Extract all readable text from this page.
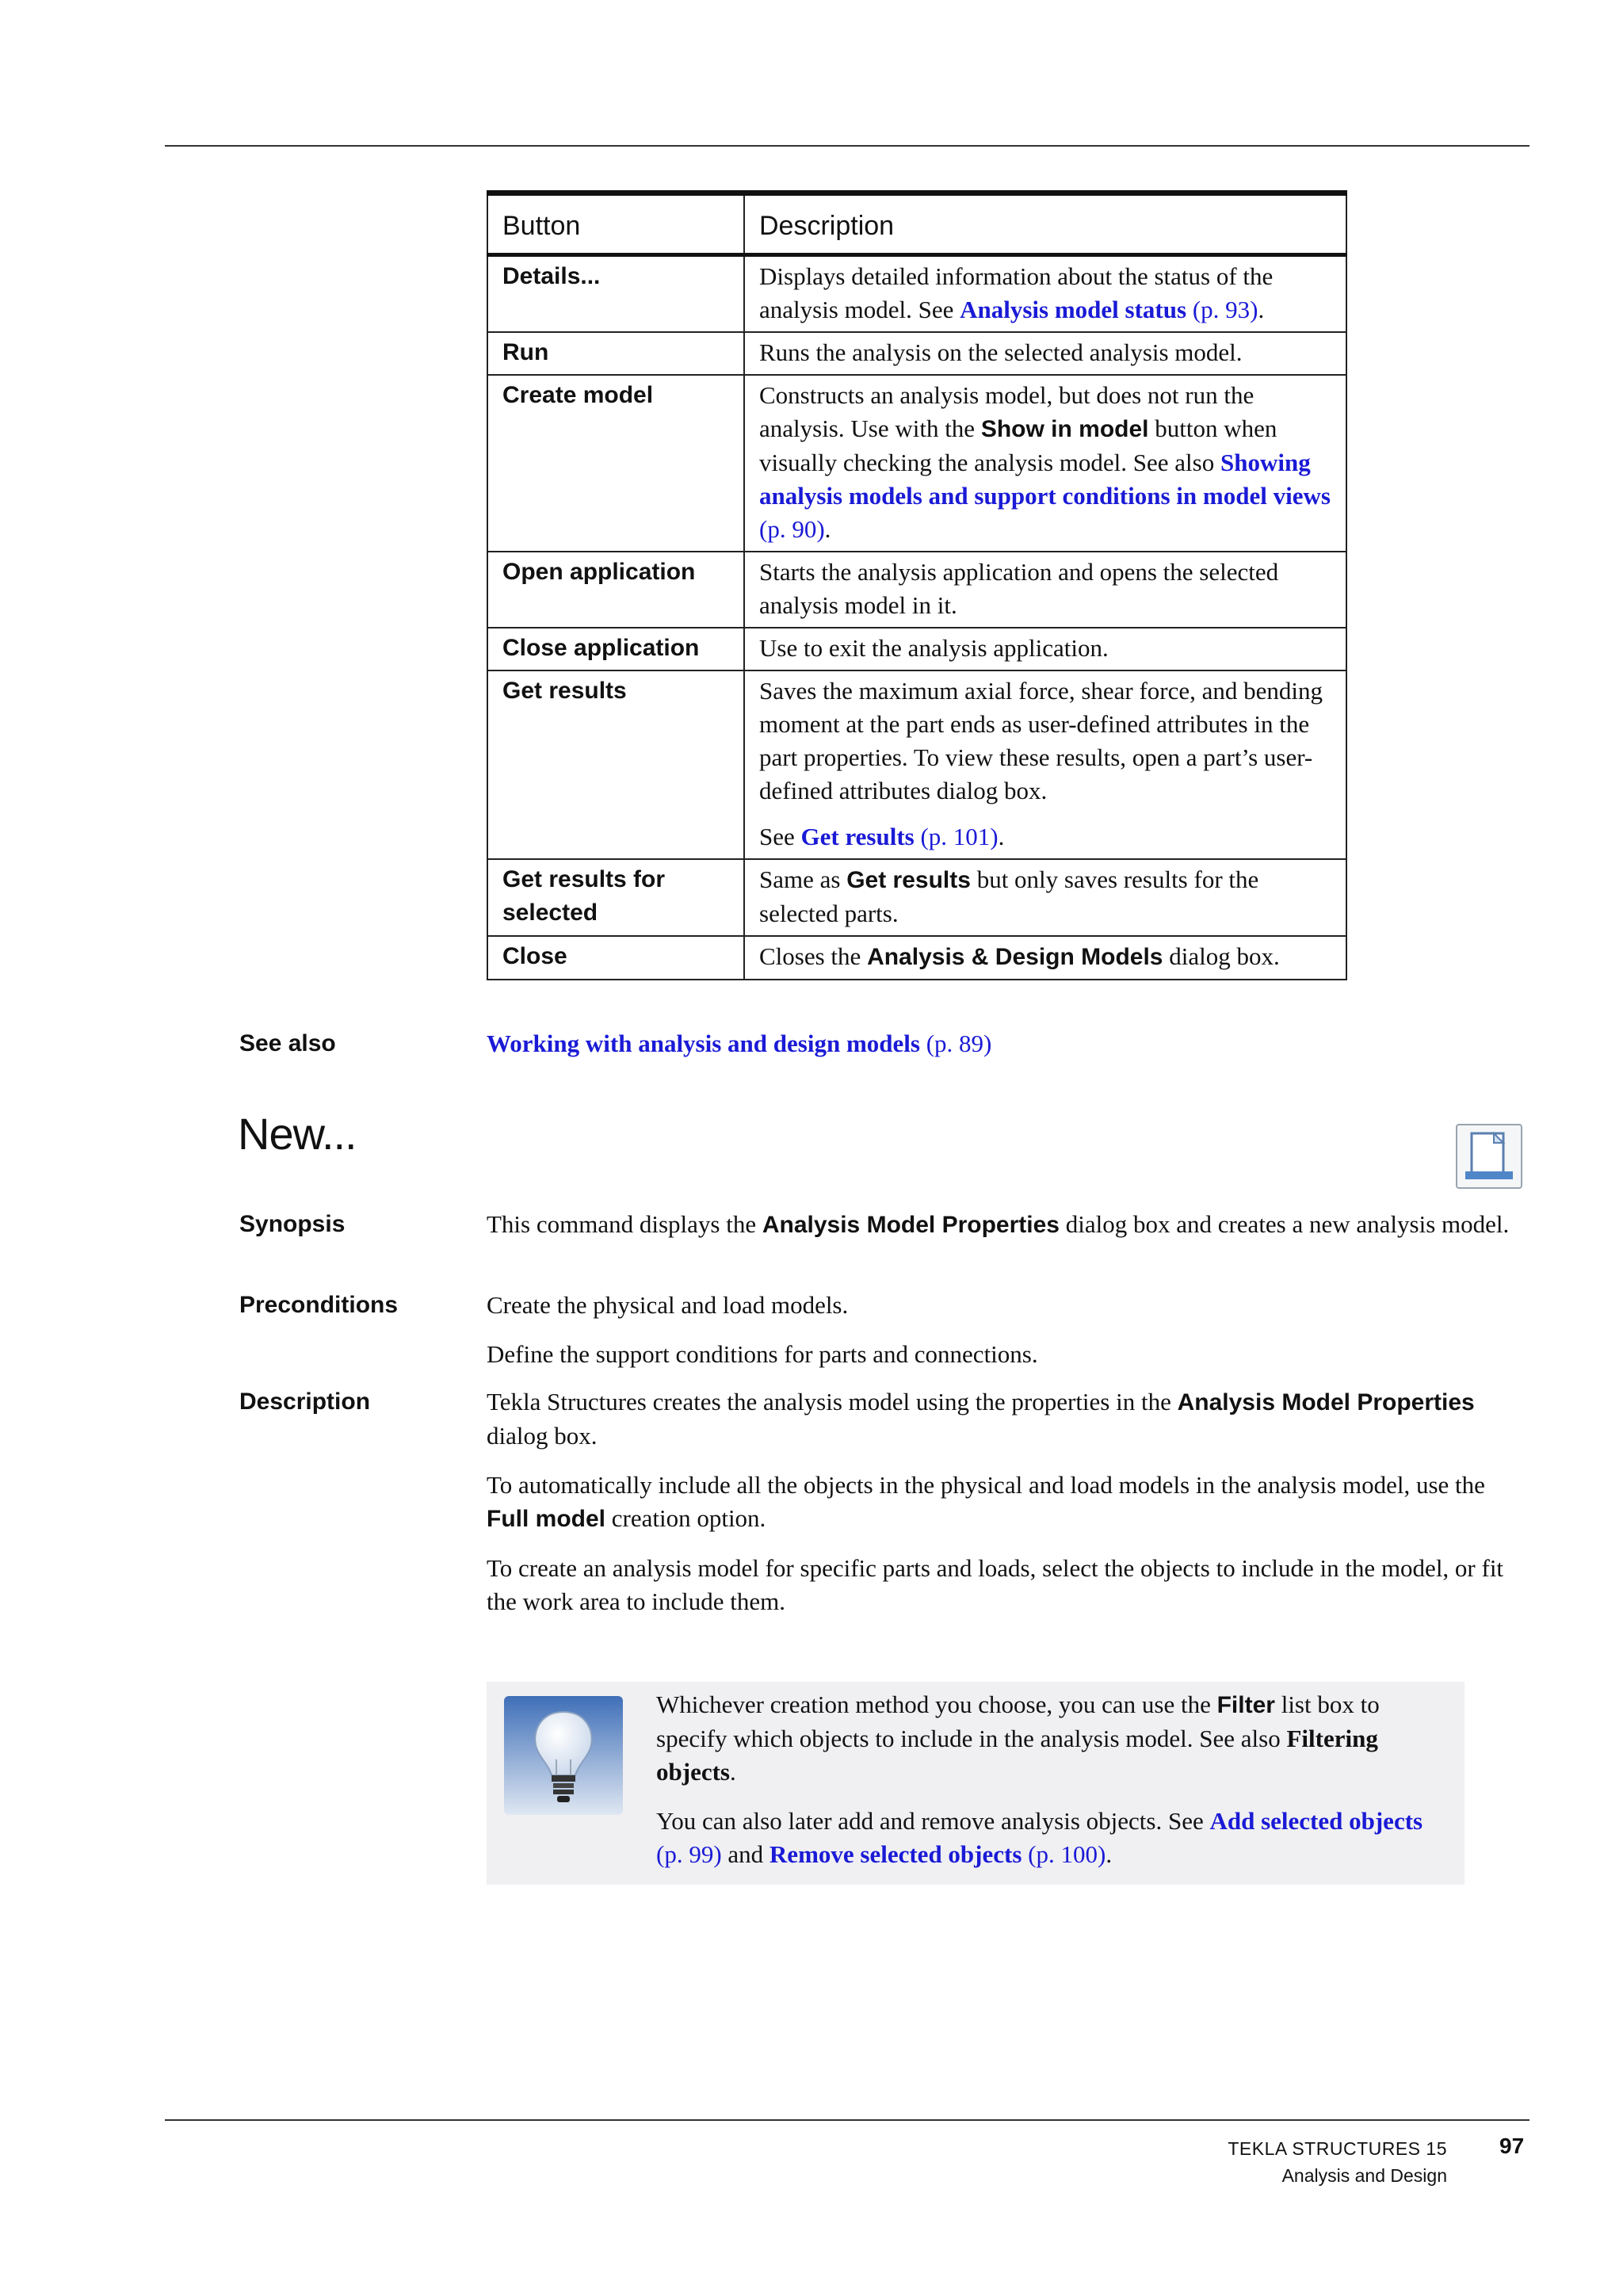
Button	Description
Details...	Displays detailed information about the status of the analysis model. See Analysis model status (p. 93).
Run	Runs the analysis on the selected analysis model.
Create model	Constructs an analysis model, but does not run the analysis. Use with the Show in model button when visually checking the analysis model. See also Showing analysis models and support conditions in model views (p. 90).
Open application	Starts the analysis application and opens the selected analysis model in it.
Close application	Use to exit the analysis application.
Get results	Saves the maximum axial force, shear force, and bending moment at the part ends as user-defined attributes in the part properties. To view these results, open a part’s user-defined attributes dialog box.

See Get results (p. 101).

Get results for selected	Same as Get results but only saves results for the selected parts.
Close	Closes the Analysis & Design Models dialog box.
See also	Working with analysis and design models (p. 89)
New...
Synopsis	This command displays the Analysis Model Properties dialog box and creates a new analysis model.

Preconditions	Create the physical and load models.

Define the support conditions for parts and connections.

Description	Tekla Structures creates the analysis model using the properties in the Analysis Model Properties dialog box.

To automatically include all the objects in the physical and load models in the analysis model, use the Full model creation option.

To create an analysis model for specific parts and loads, select the objects to include in the model, or fit the work area to include them.

Whichever creation method you choose, you can use the Filter list box to specify which objects to include in the analysis model. See also Filtering objects.

You can also later add and remove analysis objects. See Add selected objects (p. 99) and Remove selected objects (p. 100).

TEKLA STRUCTURES 15
Analysis and Design
97
